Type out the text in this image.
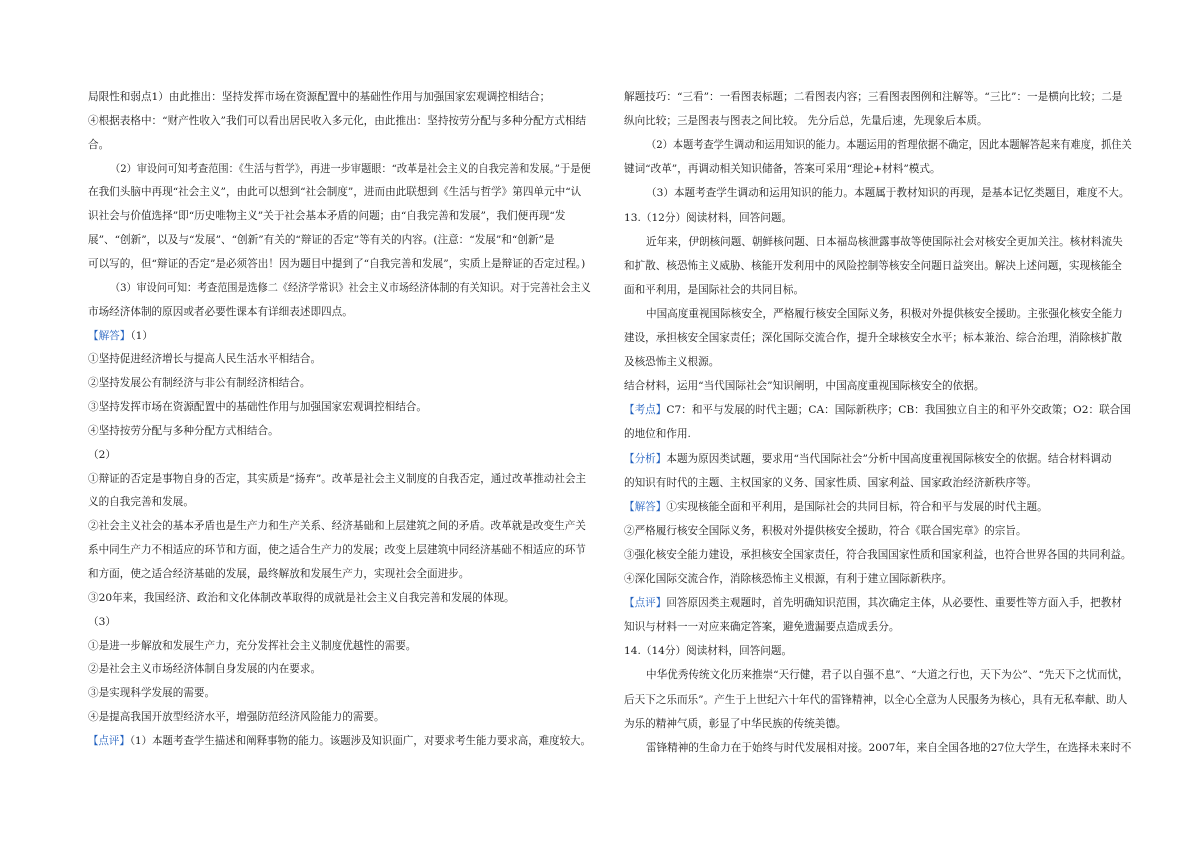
局限性和弱点1）由此推出：坚持发挥市场在资源配置中的基础性作用与加强国家宏观调控相结合；
④根据表格中：“财产性收入”我们可以看出居民收入多元化，由此推出：坚持按劳分配与多种分配方式相结
合。
（2）审设问可知考查范围：《生活与哲学》，再进一步审题眼：“改革是社会主义的自我完善和发展。”于是便
在我们头脑中再现“社会主义”，由此可以想到“社会制度”，进而由此联想到《生活与哲学》第四单元中“认
识社会与价值选择”即“历史唯物主义”关于社会基本矛盾的问题；由“自我完善和发展”，我们便再现“发
展”、“创新”，以及与“发展”、“创新”有关的“辩证的否定”等有关的内容。(注意：“发展”和“创新”是
可以写的，但“辩证的否定”是必须答出！因为题目中提到了“自我完善和发展”，实质上是辩证的否定过程。)
（3）审设问可知：考查范围是选修二《经济学常识》社会主义市场经济体制的有关知识。对于完善社会主义
市场经济体制的原因或者必要性课本有详细表述即四点。
【解答】（1）
①坚持促进经济增长与提高人民生活水平相结合。
②坚持发展公有制经济与非公有制经济相结合。
③坚持发挥市场在资源配置中的基础性作用与加强国家宏观调控相结合。
④坚持按劳分配与多种分配方式相结合。
（2）
①辩证的否定是事物自身的否定，其实质是“扬弃”。改革是社会主义制度的自我否定，通过改革推动社会主
义的自我完善和发展。
②社会主义社会的基本矛盾也是生产力和生产关系、经济基础和上层建筑之间的矛盾。改革就是改变生产关
系中同生产力不相适应的环节和方面，使之适合生产力的发展；改变上层建筑中同经济基础不相适应的环节
和方面，使之适合经济基础的发展，最终解放和发展生产力，实现社会全面进步。
③20年来，我国经济、政治和文化体制改革取得的成就是社会主义自我完善和发展的体现。
（3）
①是进一步解放和发展生产力，充分发挥社会主义制度优越性的需要。
②是社会主义市场经济体制自身发展的内在要求。
③是实现科学发展的需要。
④是提高我国开放型经济水平，增强防范经济风险能力的需要。
【点评】（1）本题考查学生描述和阐释事物的能力。该题涉及知识面广，对要求考生能力要求高，难度较大。
解题技巧：“三看”：一看图表标题；二看图表内容；三看图表图例和注解等。“三比”：一是横向比较；二是
纵向比较；三是图表与图表之间比较。 先分后总，先量后速，先现象后本质。
（2）本题考查学生调动和运用知识的能力。本题运用的哲理依据不确定，因此本题解答起来有难度，抓住关
键词“改革”，再调动相关知识储备，答案可采用“理论+材料”模式。
（3）本题考查学生调动和运用知识的能力。本题属于教材知识的再现，是基本记忆类题目，难度不大。
13.（12分）阅读材料，回答问题。
近年来，伊朗核问题、朝鲜核问题、日本福岛核泄露事故等使国际社会对核安全更加关注。核材料流失
和扩散、核恐怖主义威胁、核能开发利用中的风险控制等核安全问题日益突出。解决上述问题，实现核能全
面和平利用，是国际社会的共同目标。
中国高度重视国际核安全，严格履行核安全国际义务，积极对外提供核安全援助。主张强化核安全能力
建设，承担核安全国家责任；深化国际交流合作，提升全球核安全水平；标本兼治、综合治理，消除核扩散
及核恐怖主义根源。
结合材料，运用“当代国际社会”知识阐明，中国高度重视国际核安全的依据。
【考点】C7：和平与发展的时代主题；CA：国际新秩序；CB：我国独立自主的和平外交政策；O2：联合国
的地位和作用.
【分析】本题为原因类试题，要求用“当代国际社会”分析中国高度重视国际核安全的依据。结合材料调动
的知识有时代的主题、主权国家的义务、国家性质、国家利益、国家政治经济新秩序等。
【解答】①实现核能全面和平利用，是国际社会的共同目标，符合和平与发展的时代主题。
②严格履行核安全国际义务，积极对外提供核安全援助，符合《联合国宪章》的宗旨。
③强化核安全能力建设，承担核安全国家责任，符合我国国家性质和国家利益，也符合世界各国的共同利益。
④深化国际交流合作，消除核恐怖主义根源，有利于建立国际新秩序。
【点评】回答原因类主观题时，首先明确知识范围，其次确定主体，从必要性、重要性等方面入手，把教材
知识与材料一一对应来确定答案，避免遗漏要点造成丢分。
14.（14分）阅读材料，回答问题。
中华优秀传统文化历来推崇“天行健，君子以自强不息”、“大道之行也，天下为公”、“先天下之忧而忧，
后天下之乐而乐”。产生于上世纪六十年代的雷锋精神，以全心全意为人民服务为核心，具有无私奉献、助人
为乐的精神气质，彰显了中华民族的传统美德。
雷锋精神的生命力在于始终与时代发展相对接。2007年，来自全国各地的27位大学生，在选择未来时不
